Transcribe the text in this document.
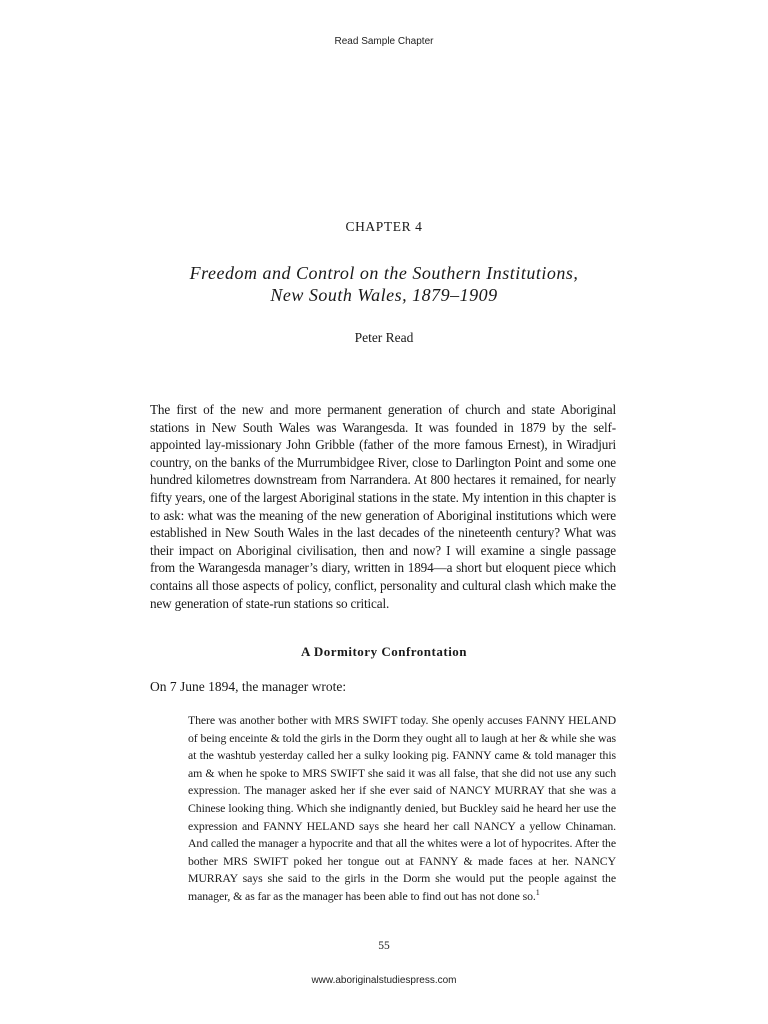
Read Sample Chapter
CHAPTER 4
Freedom and Control on the Southern Institutions,
New South Wales, 1879–1909
Peter Read

The first of the new and more permanent generation of church and state Aboriginal stations in New South Wales was Warangesda. It was founded in 1879 by the self-appointed lay-missionary John Gribble (father of the more famous Ernest), in Wiradjuri country, on the banks of the Murrumbidgee River, close to Darlington Point and some one hundred kilometres downstream from Narrandera. At 800 hectares it remained, for nearly fifty years, one of the largest Aboriginal stations in the state. My intention in this chapter is to ask: what was the meaning of the new generation of Aboriginal institutions which were established in New South Wales in the last decades of the nineteenth century? What was their impact on Aboriginal civilisation, then and now? I will examine a single passage from the Warangesda manager’s diary, written in 1894—a short but eloquent piece which contains all those aspects of policy, conflict, personality and cultural clash which make the new generation of state-run stations so critical.

A Dormitory Confrontation

On 7 June 1894, the manager wrote:

There was another bother with MRS SWIFT today. She openly accuses FANNY HELAND of being enceinte & told the girls in the Dorm they ought all to laugh at her & while she was at the washtub yesterday called her a sulky looking pig. FANNY came & told manager this am & when he spoke to MRS SWIFT she said it was all false, that she did not use any such expression. The manager asked her if she ever said of NANCY MURRAY that she was a Chinese looking thing. Which she indignantly denied, but Buckley said he heard her use the expression and FANNY HELAND says she heard her call NANCY a yellow Chinaman. And called the manager a hypocrite and that all the whites were a lot of hypocrites. After the bother MRS SWIFT poked her tongue out at FANNY & made faces at her. NANCY MURRAY says she said to the girls in the Dorm she would put the people against the manager, & as far as the manager has been able to find out has not done so.$^1$

55
www.aboriginalstudiespress.com
